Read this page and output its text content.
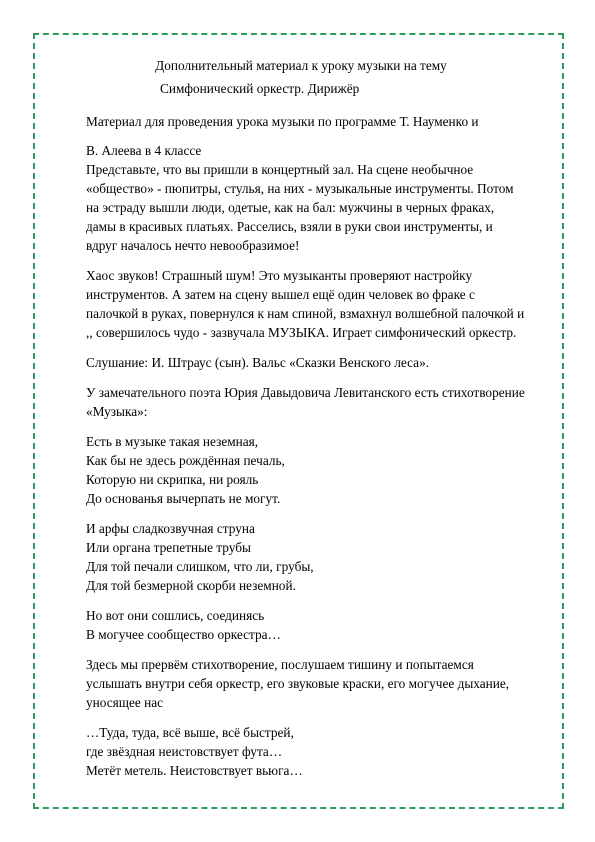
Дополнительный материал к уроку музыки на тему

Симфонический оркестр. Дирижёр

Материал для проведения урока музыки по программе Т. Науменко и

В. Алеева в 4 классе

Представьте, что вы пришли в концертный зал. На сцене необычное «общество» - пюпитры, стулья, на них - музыкальные инструменты. Потом на эстраду вышли люди, одетые, как на бал: мужчины в черных фраках, дамы в красивых платьях. Расселись, взяли в руки свои инструменты, и вдруг началось нечто невообразимое!

Хаос звуков! Страшный шум! Это музыканты проверяют настройку инструментов. А затем на сцену вышел ещё один человек во фраке с палочкой в руках, повернулся к нам спиной, взмахнул волшебной палочкой и ,, совершилось чудо - зазвучала МУЗЫКА. Играет симфонический оркестр.

Слушание: И. Штраус (сын). Вальс «Сказки Венского леса».

У замечательного поэта Юрия Давыдовича Левитанского есть стихотворение «Музыка»:

Есть в музыке такая неземная,
Как бы не здесь рождённая печаль,
Которую ни скрипка, ни рояль
До основанья вычерпать не могут.
И арфы сладкозвучная струна
Или органа трепетные трубы
Для той печали слишком, что ли, грубы,
Для той безмерной скорби неземной.
Но вот они сошлись, соединясь
В могучее сообщество оркестра…

Здесь мы прервём стихотворение, послушаем тишину и попытаемся услышать внутри себя оркестр, его звуковые краски, его могучее дыхание, уносящее нас

…Туда, туда, всё выше, всё быстрей,
где звёздная неистовствует фута…
Метёт метель. Неистовствует вьюга…
